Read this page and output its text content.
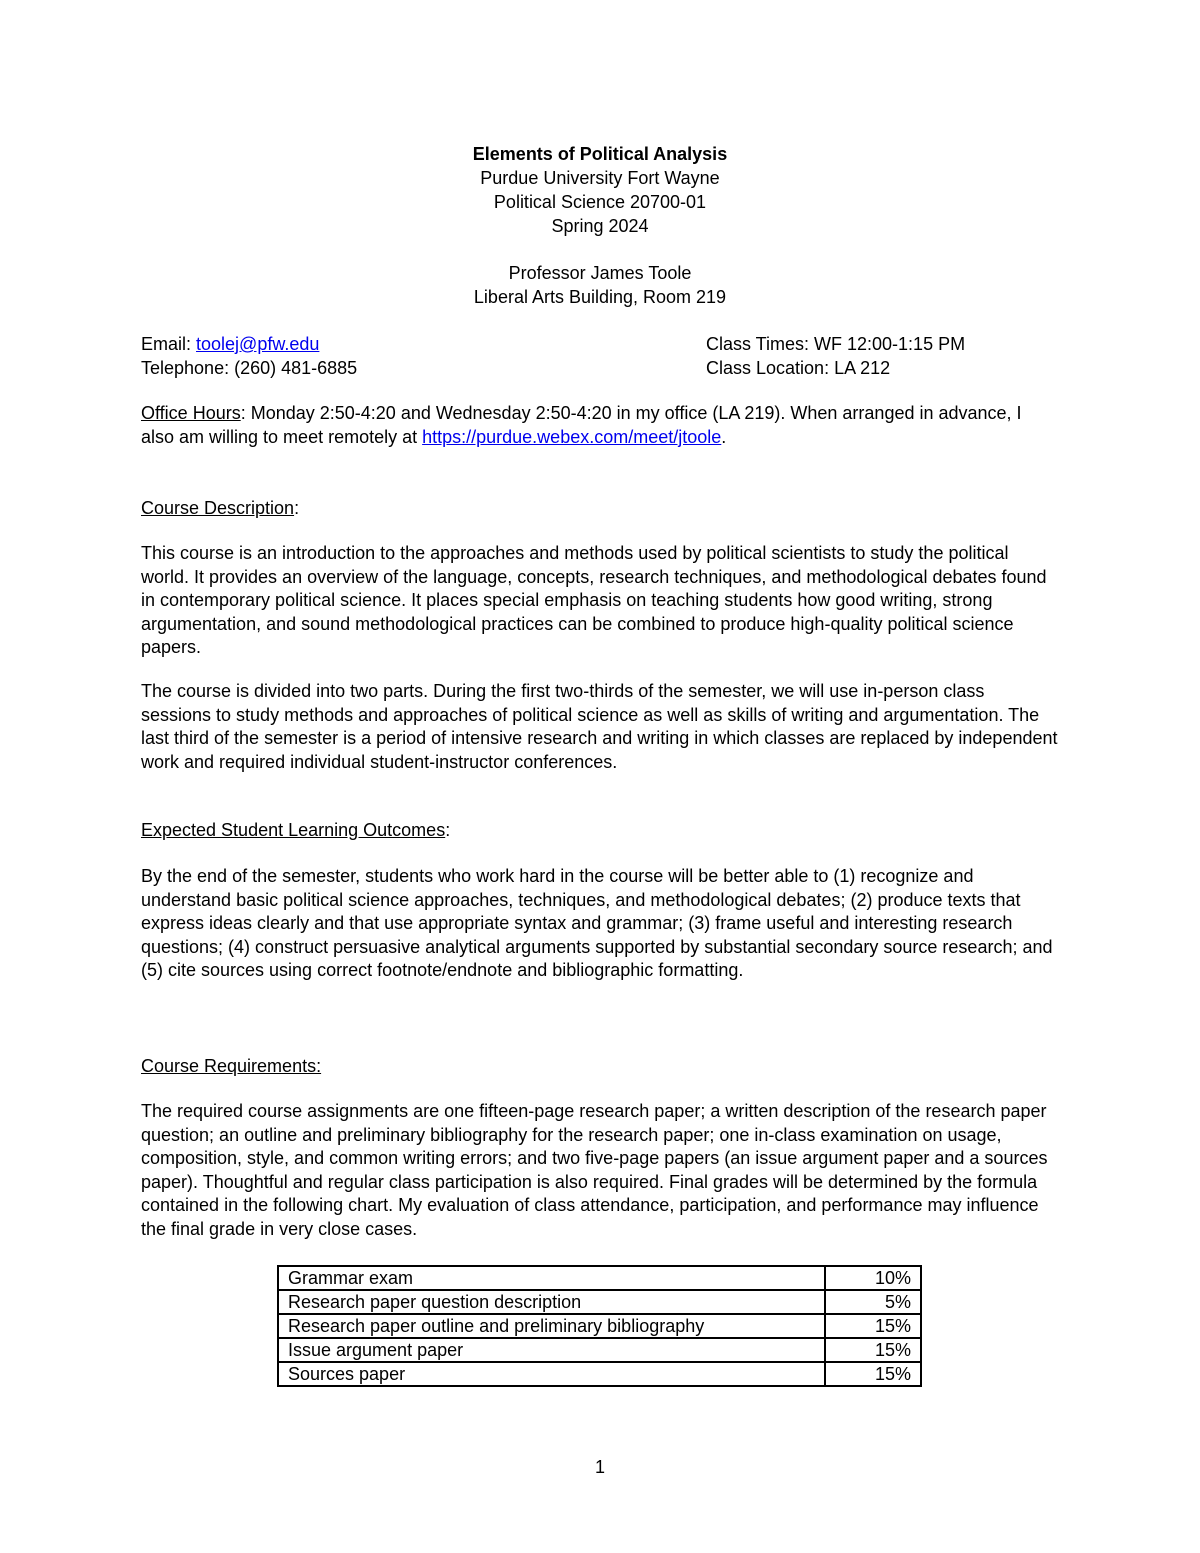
Elements of Political Analysis
Purdue University Fort Wayne
Political Science 20700-01
Spring 2024
Professor James Toole
Liberal Arts Building, Room 219
Email: toolej@pfw.edu
Telephone: (260) 481-6885
Class Times: WF 12:00-1:15 PM
Class Location: LA 212
Office Hours: Monday 2:50-4:20 and Wednesday 2:50-4:20 in my office (LA 219). When arranged in advance, I also am willing to meet remotely at https://purdue.webex.com/meet/jtoole.
Course Description:

This course is an introduction to the approaches and methods used by political scientists to study the political world. It provides an overview of the language, concepts, research techniques, and methodological debates found in contemporary political science. It places special emphasis on teaching students how good writing, strong argumentation, and sound methodological practices can be combined to produce high-quality political science papers.

The course is divided into two parts. During the first two-thirds of the semester, we will use in-person class sessions to study methods and approaches of political science as well as skills of writing and argumentation. The last third of the semester is a period of intensive research and writing in which classes are replaced by independent work and required individual student-instructor conferences.

Expected Student Learning Outcomes:

By the end of the semester, students who work hard in the course will be better able to (1) recognize and understand basic political science approaches, techniques, and methodological debates; (2) produce texts that express ideas clearly and that use appropriate syntax and grammar; (3) frame useful and interesting research questions; (4) construct persuasive analytical arguments supported by substantial secondary source research; and (5) cite sources using correct footnote/endnote and bibliographic formatting.

Course Requirements:

The required course assignments are one fifteen-page research paper; a written description of the research paper question; an outline and preliminary bibliography for the research paper; one in-class examination on usage, composition, style, and common writing errors; and two five-page papers (an issue argument paper and a sources paper). Thoughtful and regular class participation is also required. Final grades will be determined by the formula contained in the following chart. My evaluation of class attendance, participation, and performance may influence the final grade in very close cases.

Grammar exam	10%
Research paper question description	5%
Research paper outline and preliminary bibliography	15%
Issue argument paper	15%
Sources paper	15%
1
